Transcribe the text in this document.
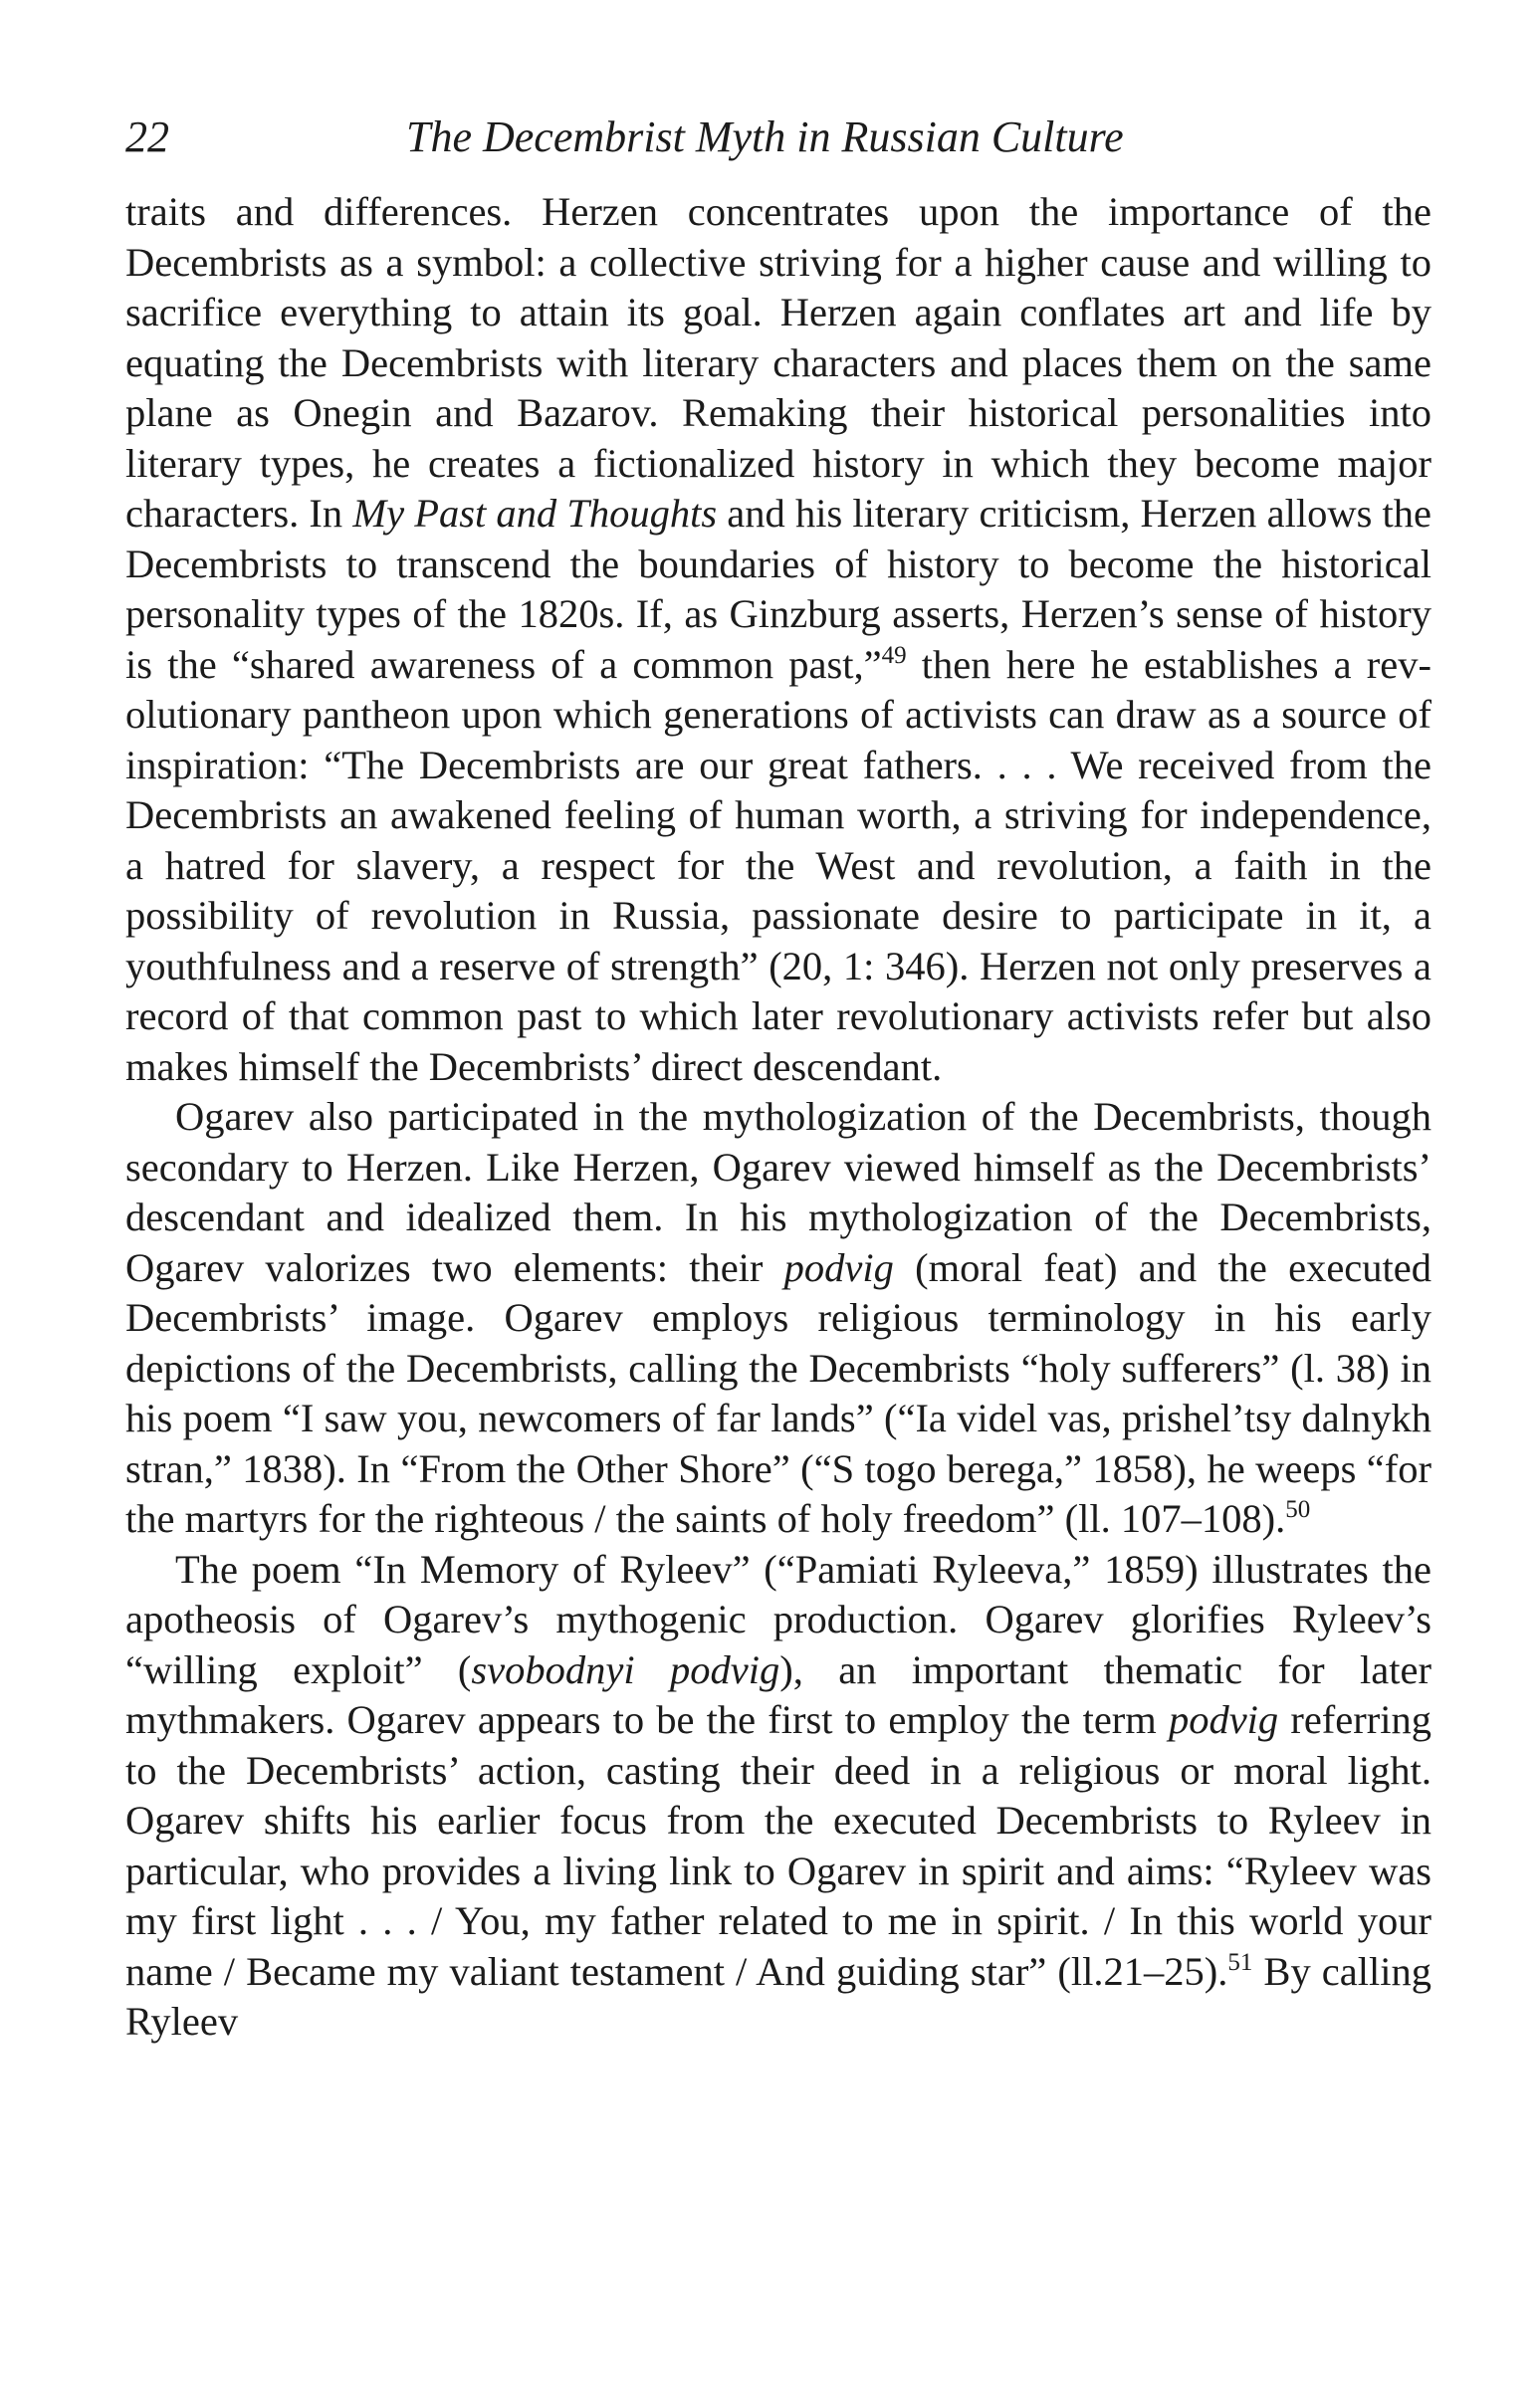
22	The Decembrist Myth in Russian Culture

traits and differences. Herzen concentrates upon the importance of the Decembrists as a symbol: a collective striving for a higher cause and willing to sacrifice everything to attain its goal. Herzen again conflates art and life by equating the Decembrists with literary characters and places them on the same plane as Onegin and Bazarov. Remaking their historical personalities into literary types, he creates a fictionalized history in which they become major characters. In My Past and Thoughts and his literary criticism, Herzen allows the Decembrists to transcend the boundaries of history to become the historical personality types of the 1820s. If, as Ginzburg asserts, Herzen’s sense of history is the “shared awareness of a common past,”$^{49}$ then here he establishes a revolutionary pantheon upon which generations of activists can draw as a source of inspiration: “The Decembrists are our great fathers. . . . We received from the Decembrists an awakened feeling of human worth, a striving for independence, a hatred for slavery, a respect for the West and revolution, a faith in the possibility of revolution in Russia, passionate desire to participate in it, a youthfulness and a reserve of strength” (20, 1: 346). Herzen not only preserves a record of that common past to which later revolutionary activists refer but also makes himself the Decembrists’ direct descendant.

Ogarev also participated in the mythologization of the Decembrists, though secondary to Herzen. Like Herzen, Ogarev viewed himself as the Decembrists’ descendant and idealized them. In his mythologization of the Decembrists, Ogarev valorizes two elements: their podvig (moral feat) and the executed Decembrists’ image. Ogarev employs religious terminology in his early depictions of the Decembrists, calling the Decembrists “holy sufferers” (l. 38) in his poem “I saw you, newcomers of far lands” (“Ia videl vas, prishel’tsy dalnykh stran,” 1838). In “From the Other Shore” (“S togo berega,” 1858), he weeps “for the martyrs for the righteous / the saints of holy freedom” (ll. 107–108).$^{50}$

The poem “In Memory of Ryleev” (“Pamiati Ryleeva,” 1859) illustrates the apotheosis of Ogarev’s mythogenic production. Ogarev glorifies Ryleev’s “willing exploit” (svobodnyi podvig), an important thematic for later mythmakers. Ogarev appears to be the first to employ the term podvig referring to the Decembrists’ action, casting their deed in a religious or moral light. Ogarev shifts his earlier focus from the executed Decembrists to Ryleev in particular, who provides a living link to Ogarev in spirit and aims: “Ryleev was my first light . . . / You, my father related to me in spirit. / In this world your name / Became my valiant testament / And guiding star” (ll.21–25).$^{51}$ By calling Ryleev
